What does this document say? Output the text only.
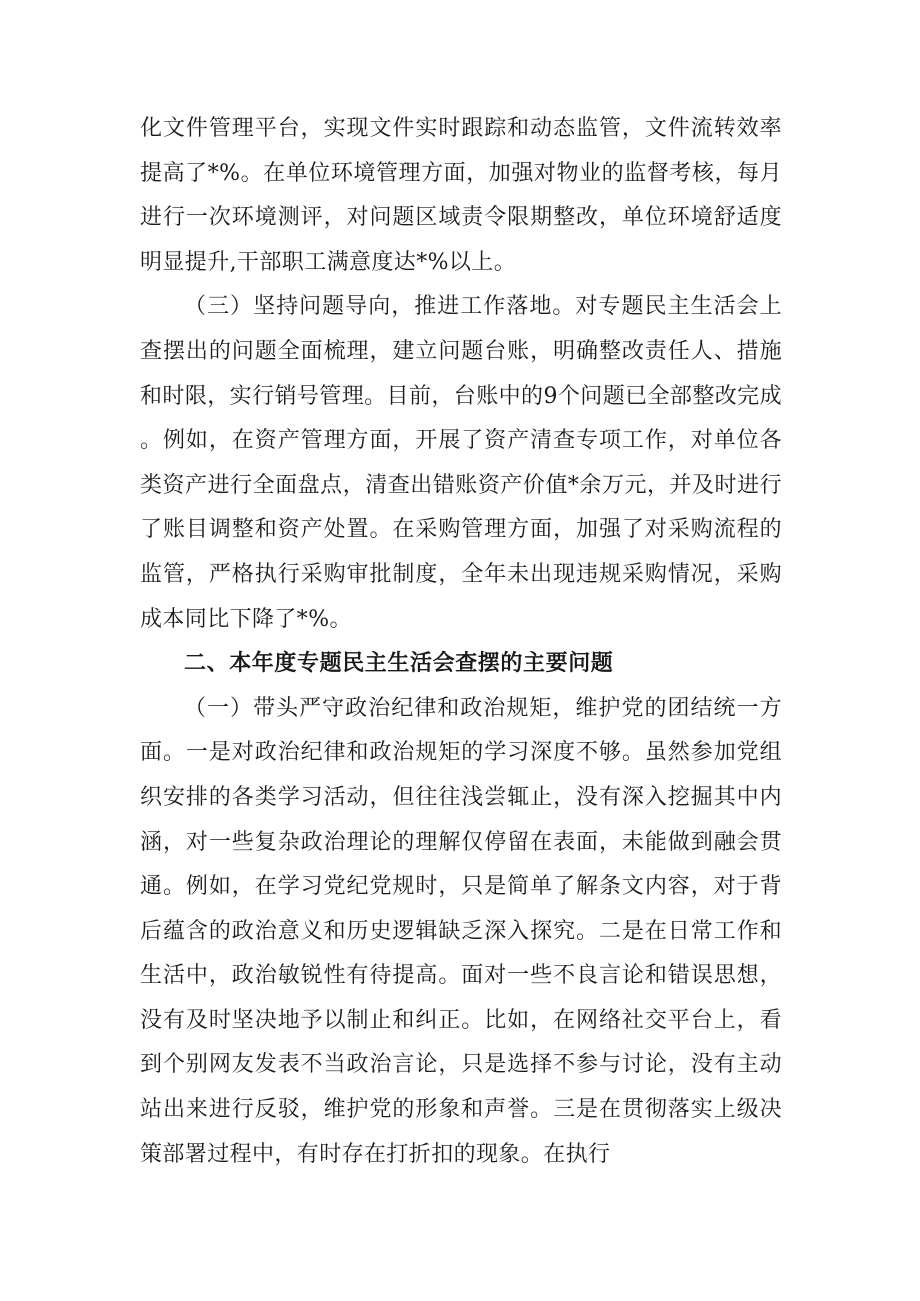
化文件管理平台，实现文件实时跟踪和动态监管，文件流转效率提高了*%。在单位环境管理方面，加强对物业的监督考核，每月进行一次环境测评，对问题区域责令限期整改，单位环境舒适度明显提升,干部职工满意度达*%以上。

（三）坚持问题导向，推进工作落地。对专题民主生活会上查摆出的问题全面梳理，建立问题台账，明确整改责任人、措施和时限，实行销号管理。目前，台账中的9个问题已全部整改完成。例如，在资产管理方面，开展了资产清查专项工作，对单位各类资产进行全面盘点，清查出错账资产价值*余万元，并及时进行了账目调整和资产处置。在采购管理方面，加强了对采购流程的监管，严格执行采购审批制度，全年未出现违规采购情况，采购成本同比下降了*%。

二、本年度专题民主生活会查摆的主要问题

（一）带头严守政治纪律和政治规矩，维护党的团结统一方面。一是对政治纪律和政治规矩的学习深度不够。虽然参加党组织安排的各类学习活动，但往往浅尝辄止，没有深入挖掘其中内涵，对一些复杂政治理论的理解仅停留在表面，未能做到融会贯通。例如，在学习党纪党规时，只是简单了解条文内容，对于背后蕴含的政治意义和历史逻辑缺乏深入探究。二是在日常工作和生活中，政治敏锐性有待提高。面对一些不良言论和错误思想，没有及时坚决地予以制止和纠正。比如，在网络社交平台上，看到个别网友发表不当政治言论，只是选择不参与讨论，没有主动站出来进行反驳，维护党的形象和声誉。三是在贯彻落实上级决策部署过程中，有时存在打折扣的现象。在执行
